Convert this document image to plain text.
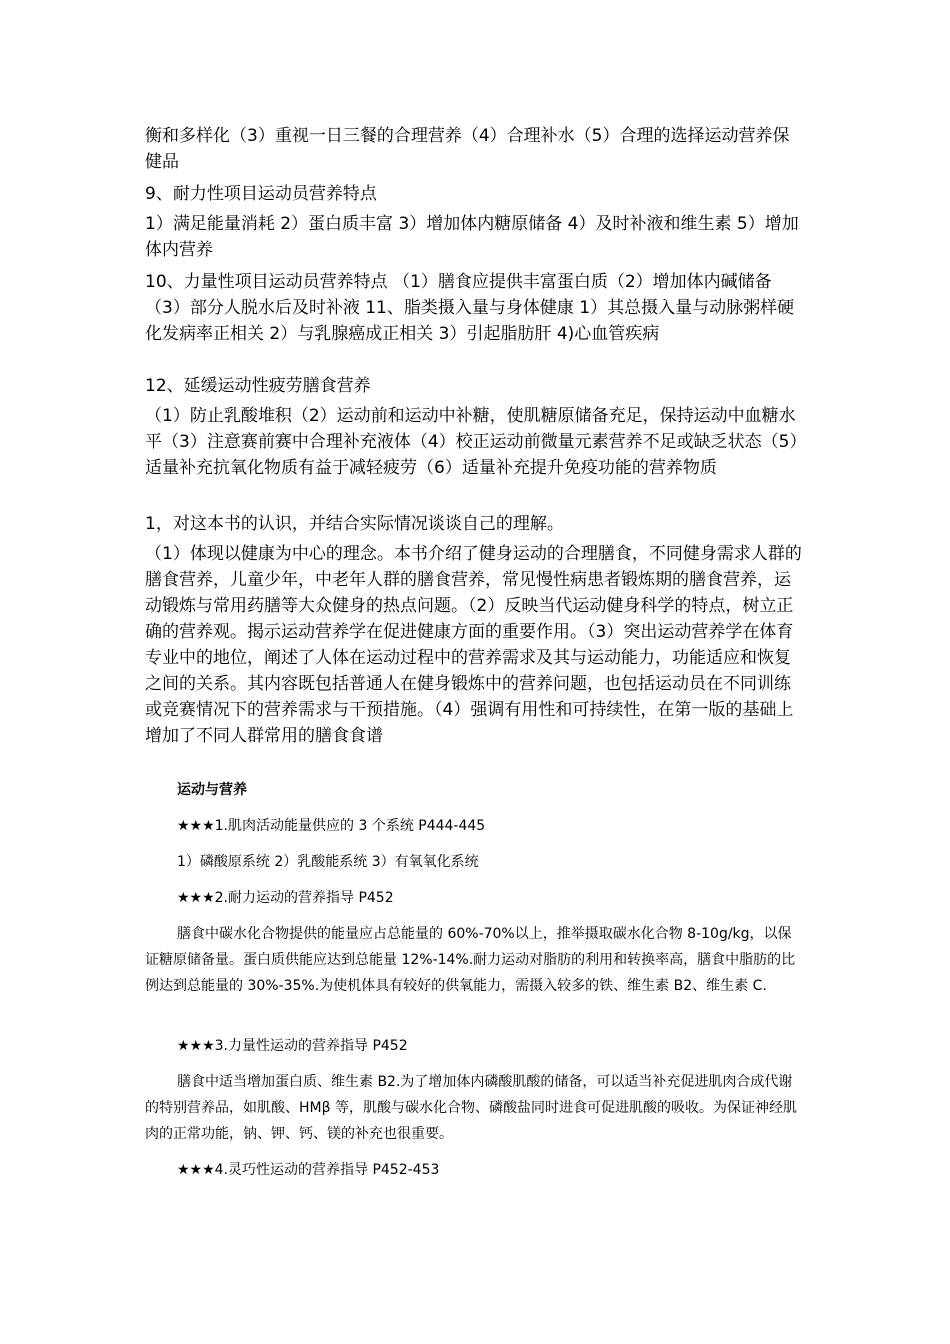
衡和多样化（3）重视一日三餐的合理营养（4）合理补水（5）合理的选择运动营养保健品

9、耐力性项目运动员营养特点

1）满足能量消耗 2）蛋白质丰富 3）增加体内糖原储备 4）及时补液和维生素 5）增加体内营养

10、力量性项目运动员营养特点 （1）膳食应提供丰富蛋白质（2）增加体内碱储备（3）部分人脱水后及时补液 11、脂类摄入量与身体健康 1）其总摄入量与动脉粥样硬化发病率正相关 2）与乳腺癌成正相关 3）引起脂肪肝 4)心血管疾病

12、延缓运动性疲劳膳食营养

（1）防止乳酸堆积（2）运动前和运动中补糖，使肌糖原储备充足，保持运动中血糖水平（3）注意赛前赛中合理补充液体（4）校正运动前微量元素营养不足或缺乏状态（5）适量补充抗氧化物质有益于减轻疲劳（6）适量补充提升免疫功能的营养物质

1，对这本书的认识，并结合实际情况谈谈自己的理解。

（1）体现以健康为中心的理念。本书介绍了健身运动的合理膳食，不同健身需求人群的膳食营养，儿童少年，中老年人群的膳食营养，常见慢性病患者锻炼期的膳食营养，运动锻炼与常用药膳等大众健身的热点问题。（2）反映当代运动健身科学的特点，树立正确的营养观。揭示运动营养学在促进健康方面的重要作用。（3）突出运动营养学在体育专业中的地位，阐述了人体在运动过程中的营养需求及其与运动能力，功能适应和恢复之间的关系。其内容既包括普通人在健身锻炼中的营养问题，也包括运动员在不同训练或竞赛情况下的营养需求与干预措施。（4）强调有用性和可持续性，在第一版的基础上增加了不同人群常用的膳食食谱

运动与营养

★★★1.肌肉活动能量供应的 3 个系统 P444-445

1）磷酸原系统 2）乳酸能系统 3）有氧氧化系统

★★★2.耐力运动的营养指导 P452

膳食中碳水化合物提供的能量应占总能量的 60%-70%以上，推举摄取碳水化合物 8-10g/kg，以保证糖原储备量。蛋白质供能应达到总能量 12%-14%.耐力运动对脂肪的利用和转换率高，膳食中脂肪的比例达到总能量的 30%-35%.为使机体具有较好的供氧能力，需摄入较多的铁、维生素 B2、维生素 C.

★★★3.力量性运动的营养指导 P452

膳食中适当增加蛋白质、维生素 B2.为了增加体内磷酸肌酸的储备，可以适当补充促进肌肉合成代谢的特别营养品，如肌酸、HMβ 等，肌酸与碳水化合物、磷酸盐同时进食可促进肌酸的吸收。为保证神经肌肉的正常功能，钠、钾、钙、镁的补充也很重要。

★★★4.灵巧性运动的营养指导 P452-453
